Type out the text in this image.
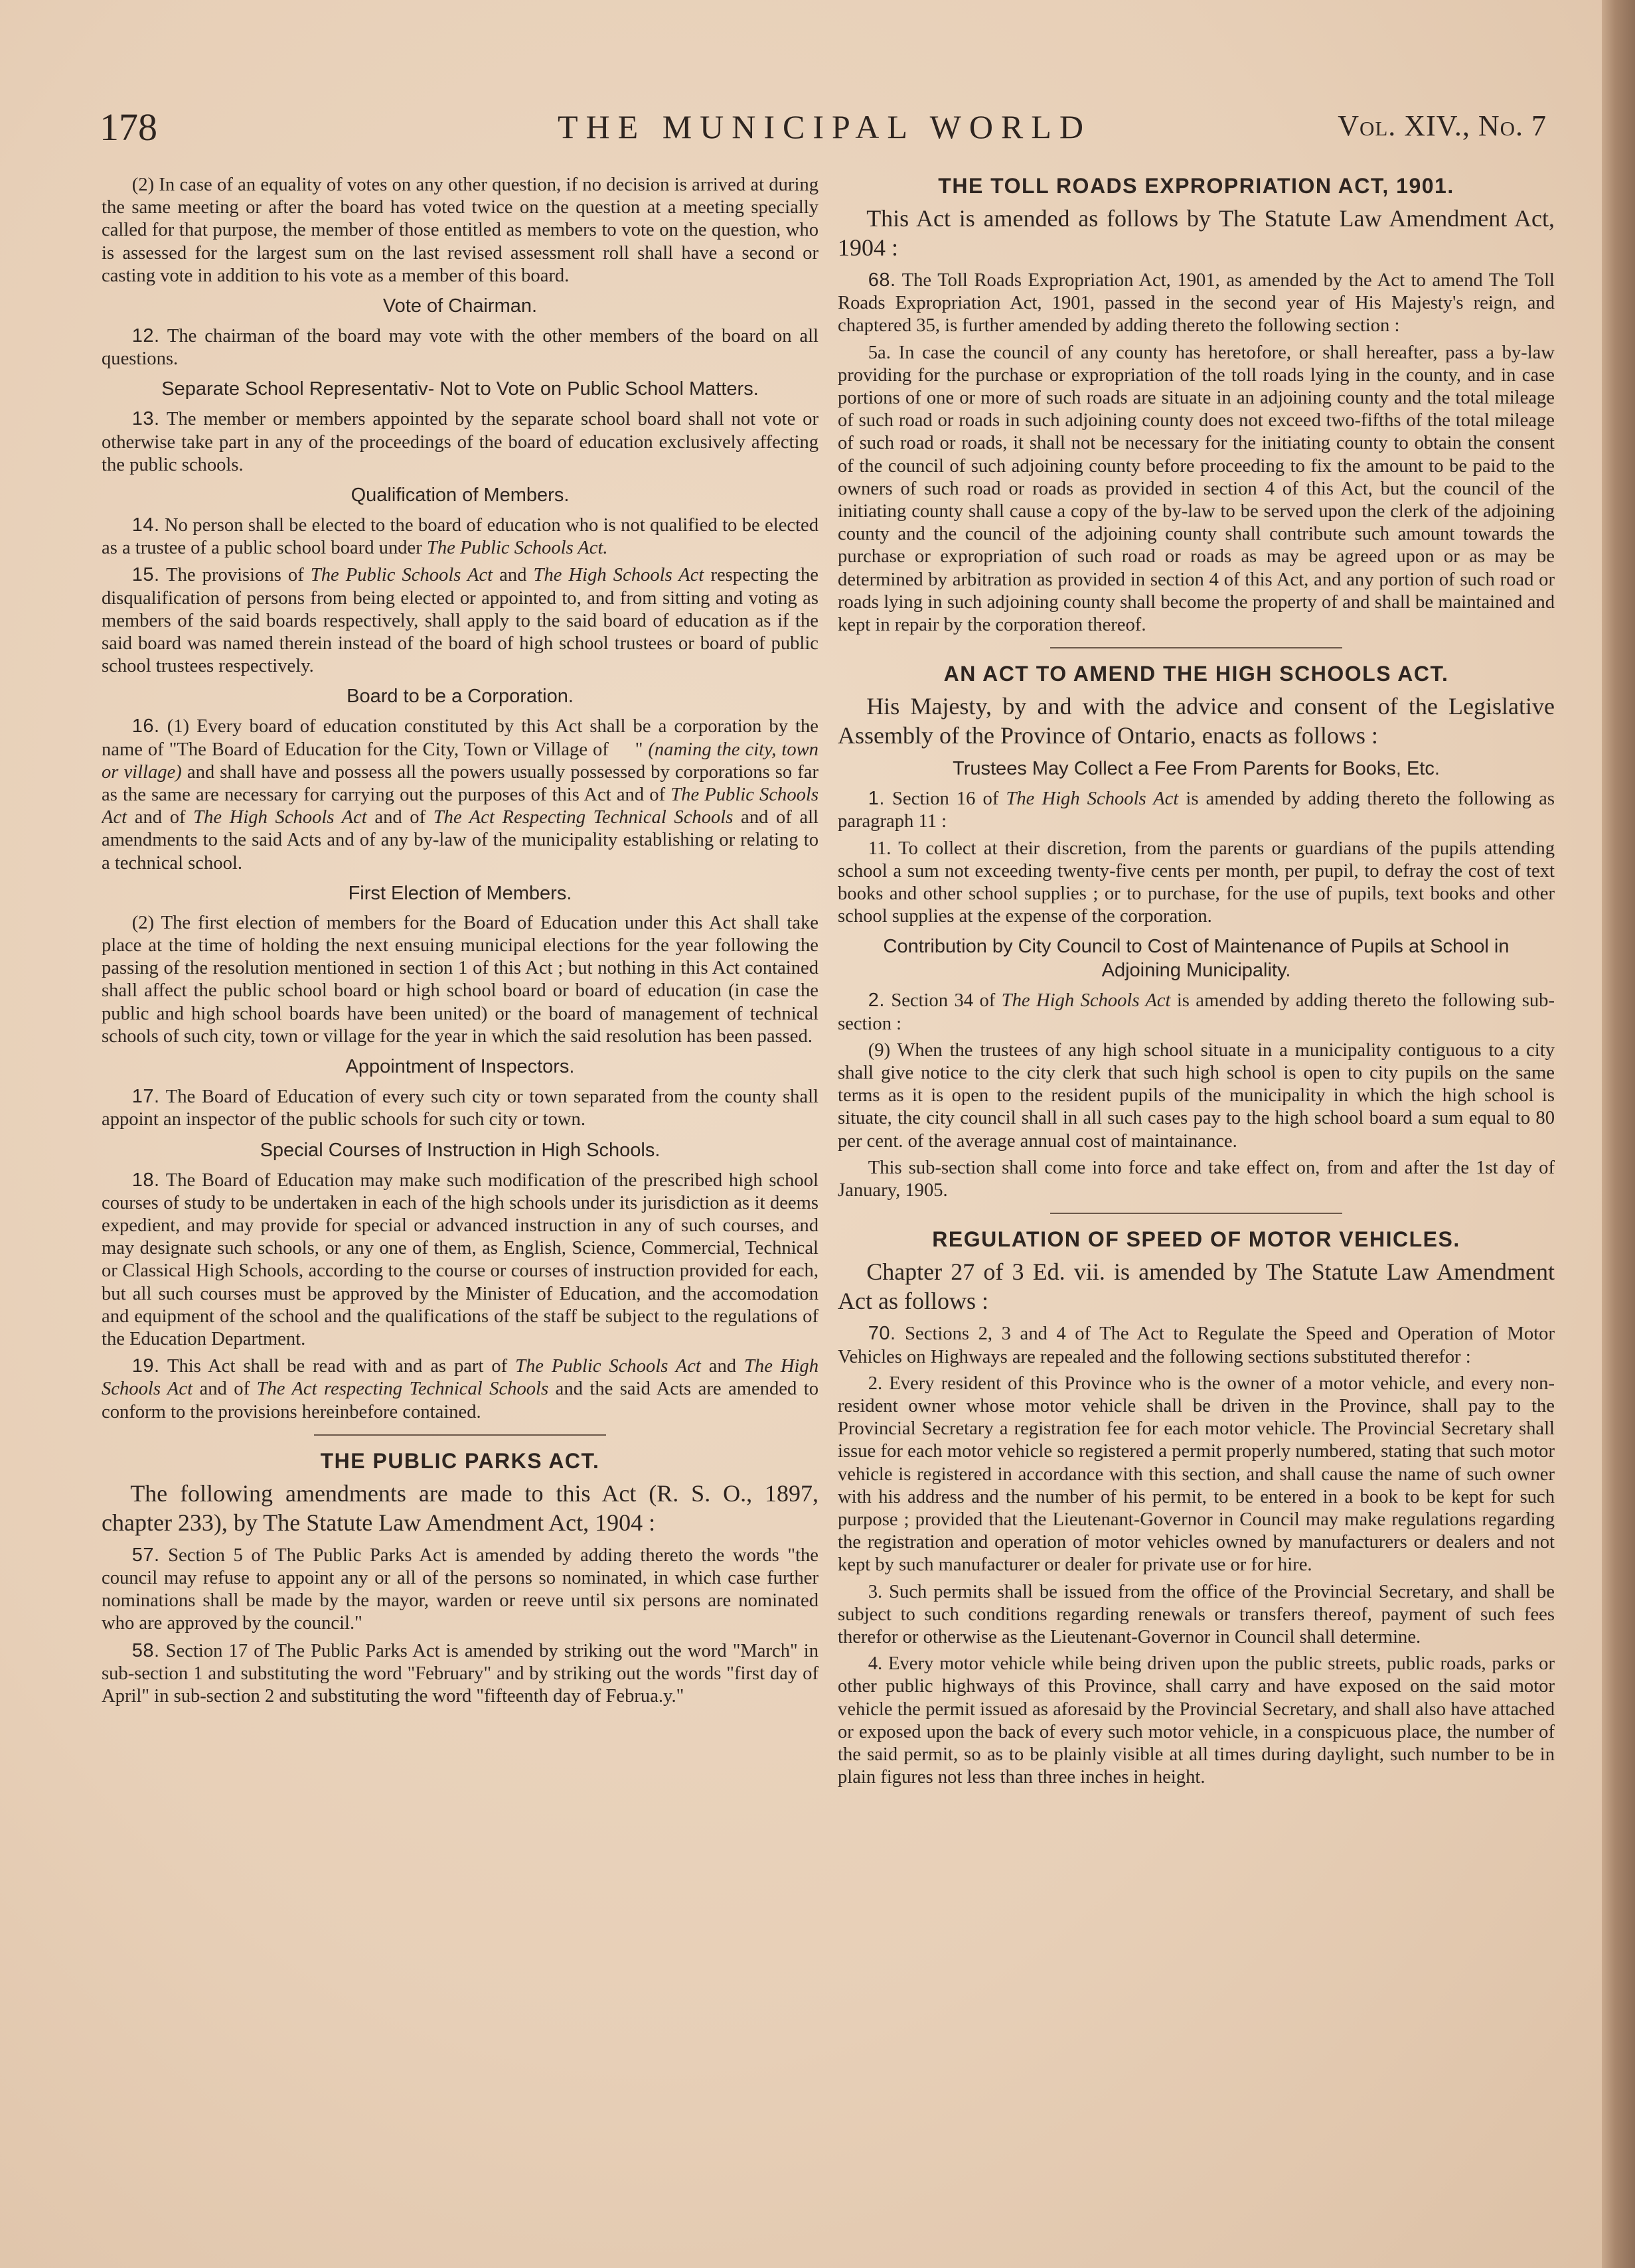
178	THE MUNICIPAL WORLD	Vol. XIV., No. 7

(2) In case of an equality of votes on any other question, if no decision is arrived at during the same meeting or after the board has voted twice on the question at a meeting specially called for that purpose, the member of those entitled as members to vote on the question, who is assessed for the largest sum on the last revised assessment roll shall have a second or casting vote in addition to his vote as a member of this board.

Vote of Chairman.

12. The chairman of the board may vote with the other members of the board on all questions.

Separate School Representativ- Not to Vote on Public School Matters.

13. The member or members appointed by the separate school board shall not vote or otherwise take part in any of the proceedings of the board of education exclusively affecting the public schools.

Qualification of Members.

14. No person shall be elected to the board of education who is not qualified to be elected as a trustee of a public school board under The Public Schools Act.

15. The provisions of The Public Schools Act and The High Schools Act respecting the disqualification of persons from being elected or appointed to, and from sitting and voting as members of the said boards respectively, shall apply to the said board of education as if the said board was named therein instead of the board of high school trustees or board of public school trustees respectively.

Board to be a Corporation.

16. (1) Every board of education constituted by this Act shall be a corporation by the name of "The Board of Education for the City, Town or Village of     " (naming the city, town or village) and shall have and possess all the powers usually possessed by corporations so far as the same are necessary for carrying out the purposes of this Act and of The Public Schools Act and of The High Schools Act and of The Act Respecting Technical Schools and of all amendments to the said Acts and of any by-law of the municipality establishing or relating to a technical school.

First Election of Members.

(2) The first election of members for the Board of Education under this Act shall take place at the time of holding the next ensuing municipal elections for the year following the passing of the resolution mentioned in section 1 of this Act ; but nothing in this Act contained shall affect the public school board or high school board or board of education (in case the public and high school boards have been united) or the board of management of technical schools of such city, town or village for the year in which the said resolution has been passed.

Appointment of Inspectors.

17. The Board of Education of every such city or town separated from the county shall appoint an inspector of the public schools for such city or town.

Special Courses of Instruction in High Schools.

18. The Board of Education may make such modification of the prescribed high school courses of study to be undertaken in each of the high schools under its jurisdiction as it deems expedient, and may provide for special or advanced instruction in any of such courses, and may designate such schools, or any one of them, as English, Science, Commercial, Technical or Classical High Schools, according to the course or courses of instruction provided for each, but all such courses must be approved by the Minister of Education, and the accomodation and equipment of the school and the qualifications of the staff be subject to the regulations of the Education Department.

19. This Act shall be read with and as part of The Public Schools Act and The High Schools Act and of The Act respecting Technical Schools and the said Acts are amended to conform to the provisions hereinbefore contained.

THE PUBLIC PARKS ACT.

The following amendments are made to this Act (R. S. O., 1897, chapter 233), by The Statute Law Amendment Act, 1904 :

57. Section 5 of The Public Parks Act is amended by adding thereto the words "the council may refuse to appoint any or all of the persons so nominated, in which case further nominations shall be made by the mayor, warden or reeve until six persons are nominated who are approved by the council."

58. Section 17 of The Public Parks Act is amended by striking out the word "March" in sub-section 1 and substituting the word "February" and by striking out the words "first day of April" in sub-section 2 and substituting the word "fifteenth day of Februa.y."

THE TOLL ROADS EXPROPRIATION ACT, 1901.

This Act is amended as follows by The Statute Law Amendment Act, 1904 :

68. The Toll Roads Expropriation Act, 1901, as amended by the Act to amend The Toll Roads Expropriation Act, 1901, passed in the second year of His Majesty's reign, and chaptered 35, is further amended by adding thereto the following section :

5a. In case the council of any county has heretofore, or shall hereafter, pass a by-law providing for the purchase or expropriation of the toll roads lying in the county, and in case portions of one or more of such roads are situate in an adjoining county and the total mileage of such road or roads in such adjoining county does not exceed two-fifths of the total mileage of such road or roads, it shall not be necessary for the initiating county to obtain the consent of the council of such adjoining county before proceeding to fix the amount to be paid to the owners of such road or roads as provided in section 4 of this Act, but the council of the initiating county shall cause a copy of the by-law to be served upon the clerk of the adjoining county and the council of the adjoining county shall contribute such amount towards the purchase or expropriation of such road or roads as may be agreed upon or as may be determined by arbitration as provided in section 4 of this Act, and any portion of such road or roads lying in such adjoining county shall become the property of and shall be maintained and kept in repair by the corporation thereof.

AN ACT TO AMEND THE HIGH SCHOOLS ACT.

His Majesty, by and with the advice and consent of the Legislative Assembly of the Province of Ontario, enacts as follows :

Trustees May Collect a Fee From Parents for Books, Etc.

1. Section 16 of The High Schools Act is amended by adding thereto the following as paragraph 11 :

11. To collect at their discretion, from the parents or guardians of the pupils attending school a sum not exceeding twenty-five cents per month, per pupil, to defray the cost of text books and other school supplies ; or to purchase, for the use of pupils, text books and other school supplies at the expense of the corporation.

Contribution by City Council to Cost of Maintenance of Pupils at School in Adjoining Municipality.

2. Section 34 of The High Schools Act is amended by adding thereto the following sub-section :

(9) When the trustees of any high school situate in a municipality contiguous to a city shall give notice to the city clerk that such high school is open to city pupils on the same terms as it is open to the resident pupils of the municipality in which the high school is situate, the city council shall in all such cases pay to the high school board a sum equal to 80 per cent. of the average annual cost of maintainance.

This sub-section shall come into force and take effect on, from and after the 1st day of January, 1905.

REGULATION OF SPEED OF MOTOR VEHICLES.

Chapter 27 of 3 Ed. vii. is amended by The Statute Law Amendment Act as follows :

70. Sections 2, 3 and 4 of The Act to Regulate the Speed and Operation of Motor Vehicles on Highways are repealed and the following sections substituted therefor :

2. Every resident of this Province who is the owner of a motor vehicle, and every non-resident owner whose motor vehicle shall be driven in the Province, shall pay to the Provincial Secretary a registration fee for each motor vehicle. The Provincial Secretary shall issue for each motor vehicle so registered a permit properly numbered, stating that such motor vehicle is registered in accordance with this section, and shall cause the name of such owner with his address and the number of his permit, to be entered in a book to be kept for such purpose ; provided that the Lieutenant-Governor in Council may make regulations regarding the registration and operation of motor vehicles owned by manufacturers or dealers and not kept by such manufacturer or dealer for private use or for hire.

3. Such permits shall be issued from the office of the Provincial Secretary, and shall be subject to such conditions regarding renewals or transfers thereof, payment of such fees therefor or otherwise as the Lieutenant-Governor in Council shall determine.

4. Every motor vehicle while being driven upon the public streets, public roads, parks or other public highways of this Province, shall carry and have exposed on the said motor vehicle the permit issued as aforesaid by the Provincial Secretary, and shall also have attached or exposed upon the back of every such motor vehicle, in a conspicuous place, the number of the said permit, so as to be plainly visible at all times during daylight, such number to be in plain figures not less than three inches in height.
